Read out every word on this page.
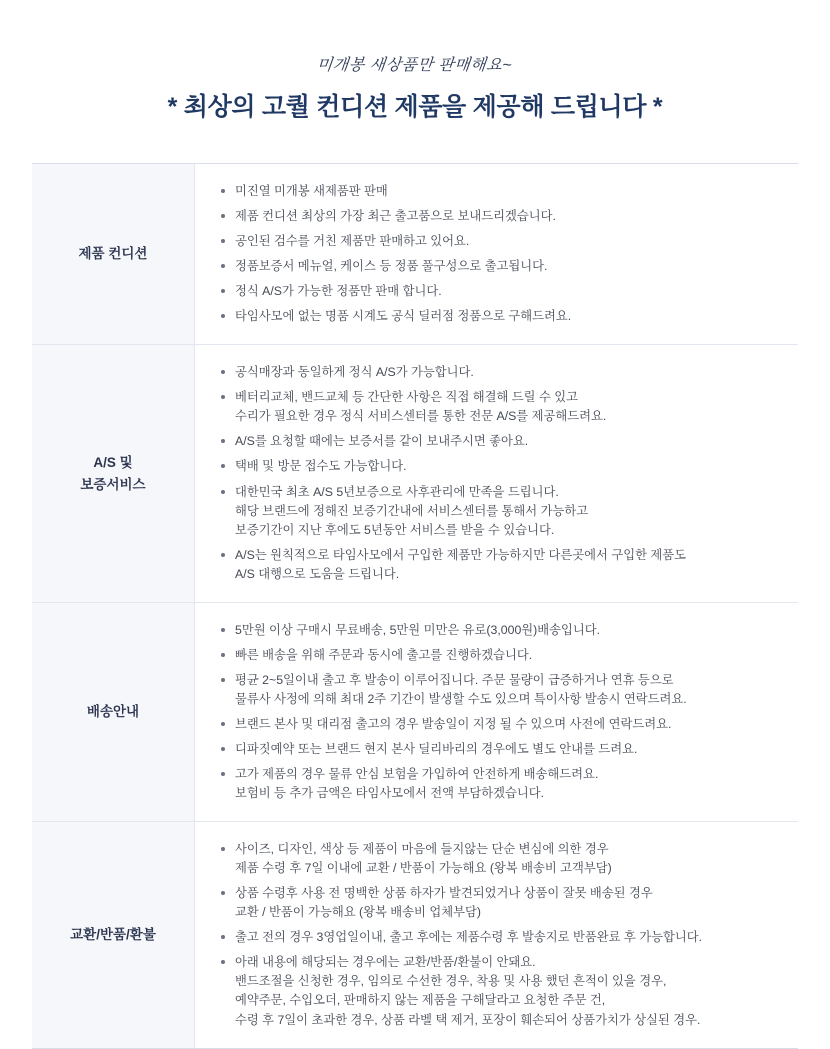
미개봉 새상품만 판매해요~
* 최상의 고퀄 컨디션 제품을 제공해 드립니다 *
제품 컨디션	
미진열 미개봉 새제품판 판매
제품 컨디션 최상의 가장 최근 출고품으로 보내드리겠습니다.
공인된 검수를 거친 제품만 판매하고 있어요.
정품보증서 메뉴얼, 케이스 등 정품 풀구성으로 출고됩니다.
정식 A/S가 가능한 정품만 판매 합니다.
타임사모에 없는 명품 시계도 공식 딜러점 정품으로 구해드려요.

A/S 및
보증서비스	
공식매장과 동일하게 정식 A/S가 가능합니다.
베터리교체, 밴드교체 등 간단한 사항은 직접 해결해 드릴 수 있고
수리가 필요한 경우 정식 서비스센터를 통한 전문 A/S를 제공해드려요.
A/S를 요청할 때에는 보증서를 같이 보내주시면 좋아요.
택배 및 방문 접수도 가능합니다.
대한민국 최초 A/S 5년보증으로 사후관리에 만족을 드립니다.
해당 브랜드에 정해진 보증기간내에 서비스센터를 통해서 가능하고
보증기간이 지난 후에도 5년동안 서비스를 받을 수 있습니다.
A/S는 원칙적으로 타임사모에서 구입한 제품만 가능하지만 다른곳에서 구입한 제품도
A/S 대행으로 도움을 드립니다.

배송안내	
5만원 이상 구매시 무료배송, 5만원 미만은 유로(3,000원)배송입니다.
빠른 배송을 위해 주문과 동시에 출고를 진행하겠습니다.
평균 2~5일이내 출고 후 발송이 이루어집니다. 주문 물량이 급증하거나 연휴 등으로
물류사 사정에 의해 최대 2주 기간이 발생할 수도 있으며 특이사항 발송시 연락드려요.
브랜드 본사 및 대리점 출고의 경우 발송일이 지정 될 수 있으며 사전에 연락드려요.
디파짓예약 또는 브랜드 현지 본사 딜리바리의 경우에도 별도 안내를 드려요.
고가 제품의 경우 물류 안심 보험을 가입하여 안전하게 배송해드려요.
보험비 등 추가 금액은 타임사모에서 전액 부담하겠습니다.

교환/반품/환불	
사이즈, 디자인, 색상 등 제품이 마음에 들지않는 단순 변심에 의한 경우
제품 수령 후 7일 이내에 교환 / 반품이 가능해요 (왕복 배송비 고객부담)
상품 수령후 사용 전 명백한 상품 하자가 발견되었거나 상품이 잘못 배송된 경우
교환 / 반품이 가능해요 (왕복 배송비 업체부담)
출고 전의 경우 3영업일이내, 출고 후에는 제품수령 후 발송지로 반품완료 후 가능합니다.
아래 내용에 해당되는 경우에는 교환/반품/환불이 안돼요.
밴드조절을 신청한 경우, 임의로 수선한 경우, 착용 및 사용 했던 흔적이 있을 경우,
예약주문, 수입오더, 판매하지 않는 제품을 구해달라고 요청한 주문 건,
수령 후 7일이 초과한 경우, 상품 라벨 택 제거, 포장이 훼손되어 상품가치가 상실된 경우.
